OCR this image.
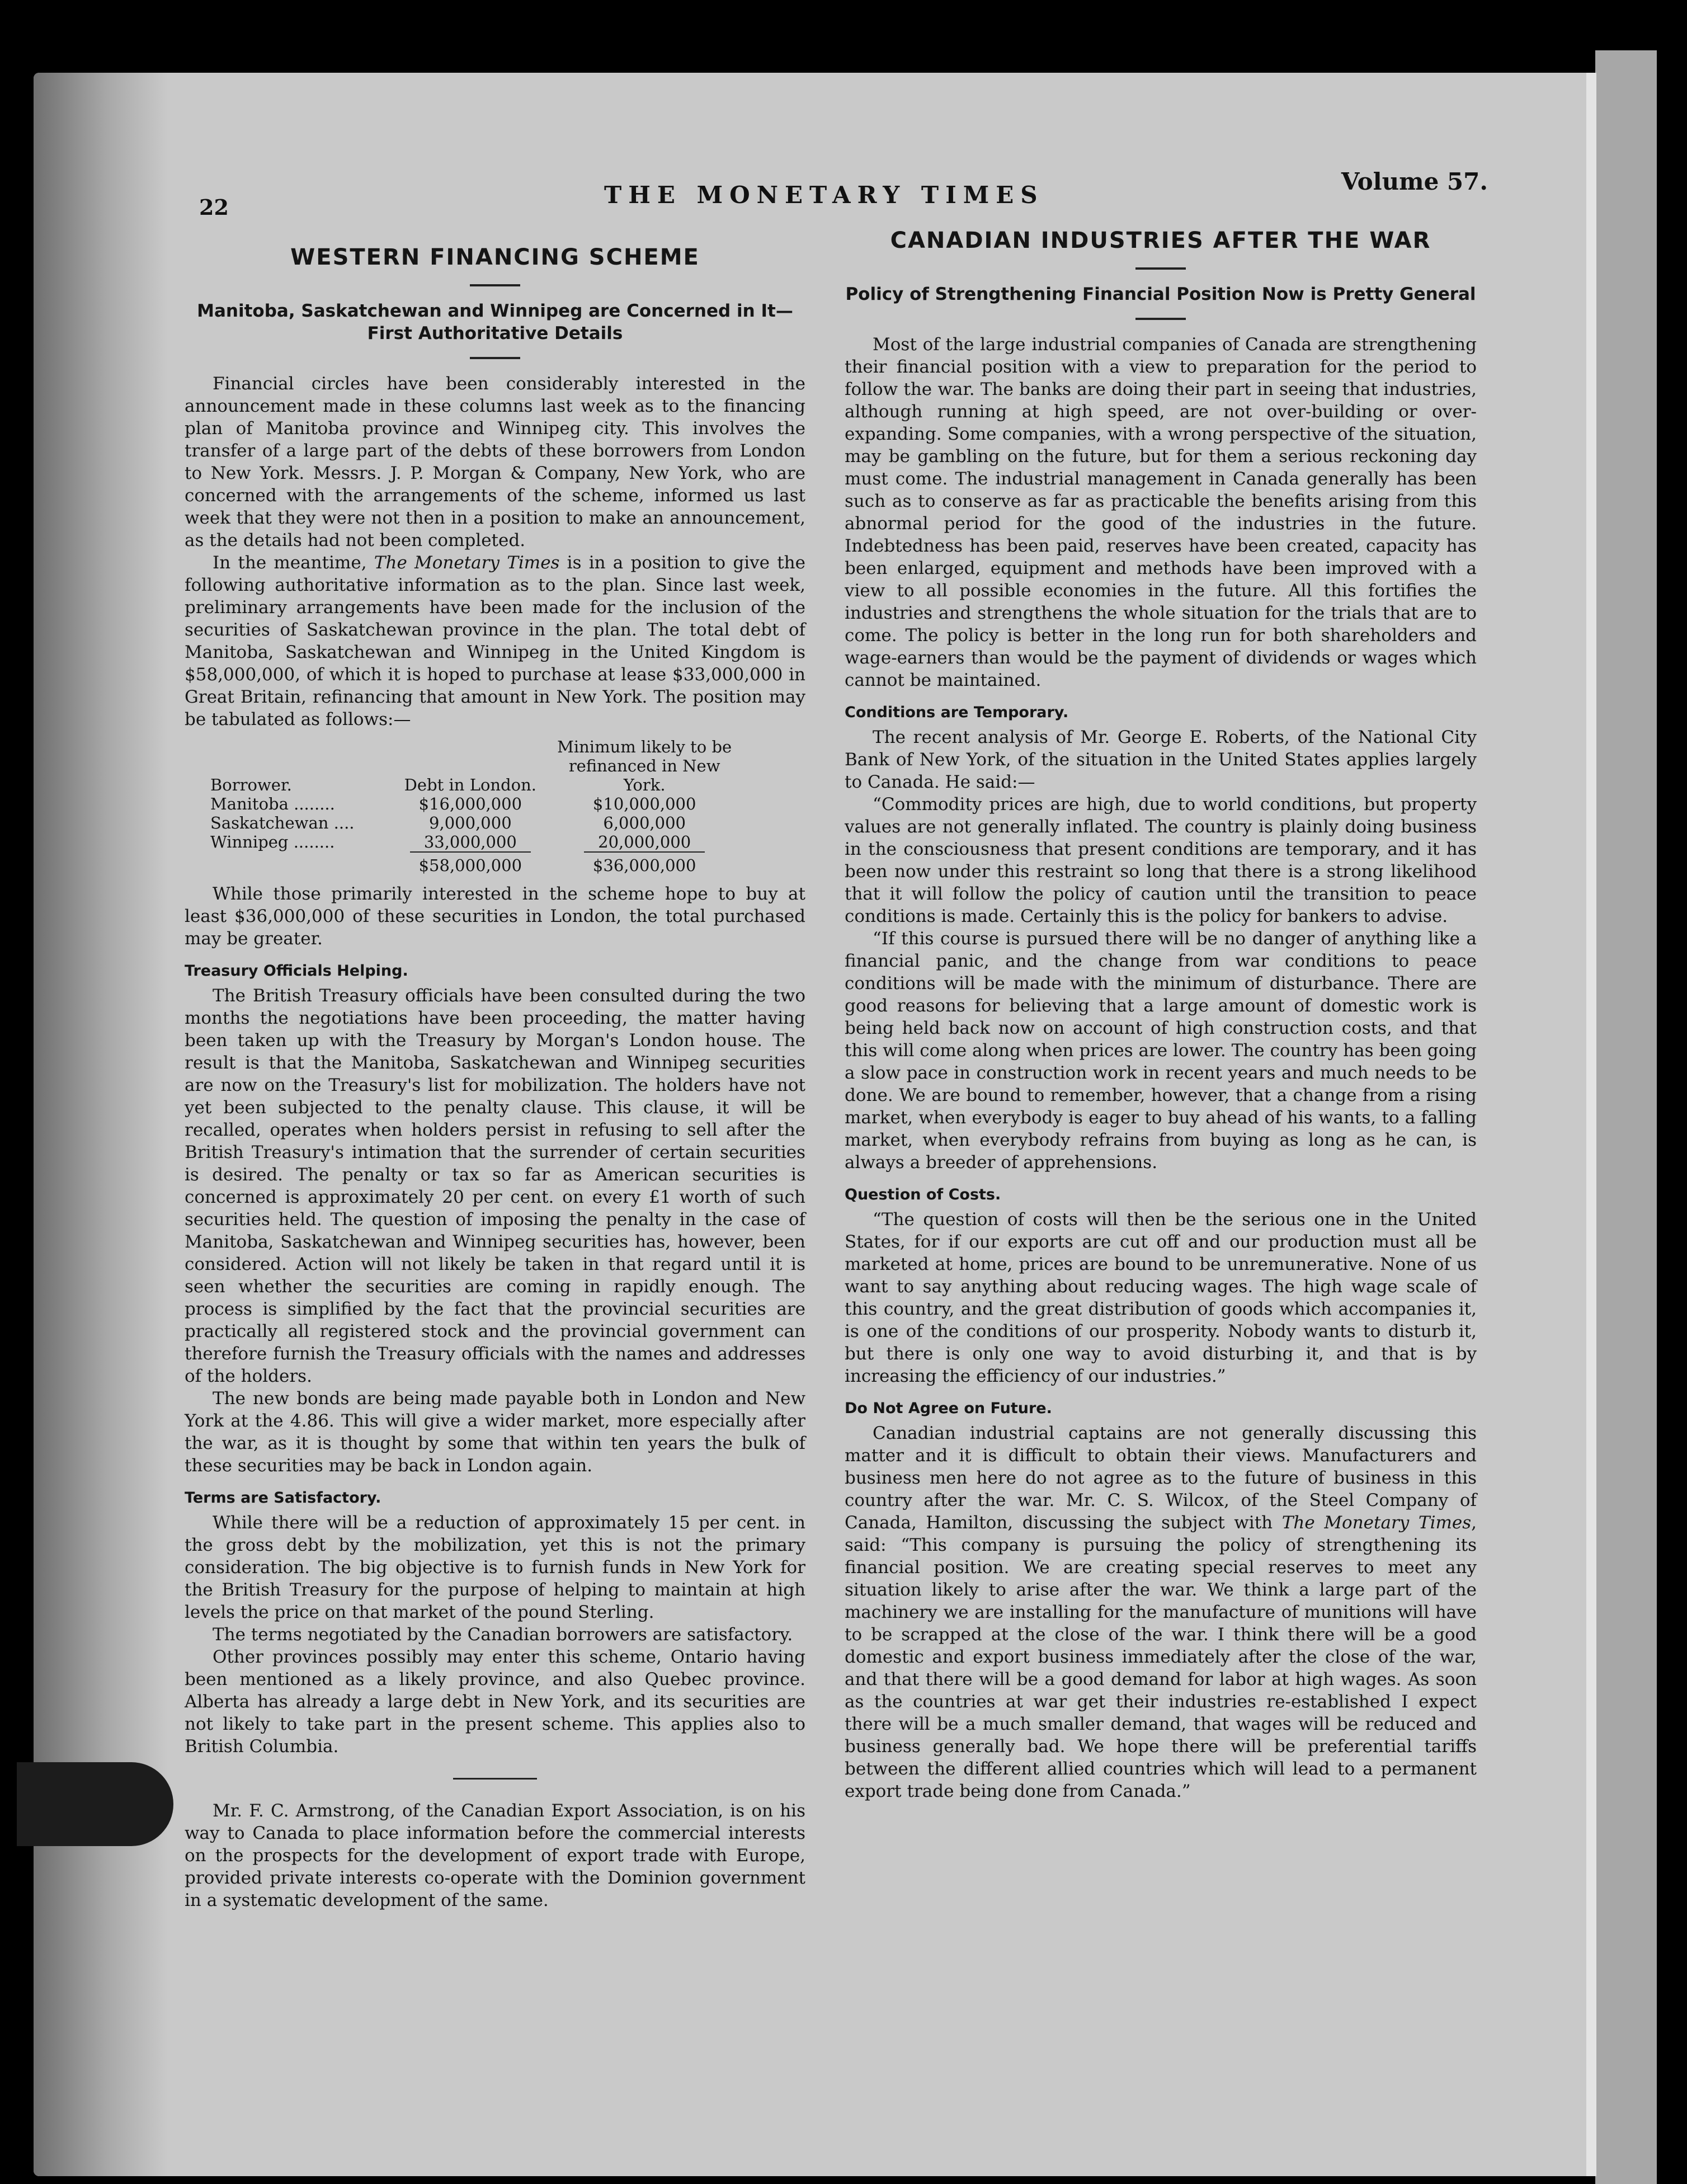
22	THE MONETARY TIMES	Volume 57.
WESTERN FINANCING SCHEME
Manitoba, Saskatchewan and Winnipeg are Concerned in It—First Authoritative Details

Financial circles have been considerably interested in the announcement made in these columns last week as to the financing plan of Manitoba province and Winnipeg city. This involves the transfer of a large part of the debts of these borrowers from London to New York. Messrs. J. P. Morgan & Company, New York, who are concerned with the arrangements of the scheme, informed us last week that they were not then in a position to make an announcement, as the details had not been completed.

In the meantime, The Monetary Times is in a position to give the following authoritative information as to the plan. Since last week, preliminary arrangements have been made for the inclusion of the securities of Saskatchewan province in the plan. The total debt of Manitoba, Saskatchewan and Winnipeg in the United Kingdom is $58,000,000, of which it is hoped to purchase at lease $33,000,000 in Great Britain, refinancing that amount in New York. The position may be tabulated as follows:—

Borrower.	Debt in London.	Minimum likely to be refinanced in New York.
Manitoba ........	$16,000,000	$10,000,000
Saskatchewan ....	9,000,000	6,000,000
Winnipeg ........	33,000,000	20,000,000
	$58,000,000	$36,000,000

While those primarily interested in the scheme hope to buy at least $36,000,000 of these securities in London, the total purchased may be greater.

Treasury Officials Helping.

The British Treasury officials have been consulted during the two months the negotiations have been proceeding, the matter having been taken up with the Treasury by Morgan's London house. The result is that the Manitoba, Saskatchewan and Winnipeg securities are now on the Treasury's list for mobilization. The holders have not yet been subjected to the penalty clause. This clause, it will be recalled, operates when holders persist in refusing to sell after the British Treasury's intimation that the surrender of certain securities is desired. The penalty or tax so far as American securities is concerned is approximately 20 per cent. on every £1 worth of such securities held. The question of imposing the penalty in the case of Manitoba, Saskatchewan and Winnipeg securities has, however, been considered. Action will not likely be taken in that regard until it is seen whether the securities are coming in rapidly enough. The process is simplified by the fact that the provincial securities are practically all registered stock and the provincial government can therefore furnish the Treasury officials with the names and addresses of the holders.

The new bonds are being made payable both in London and New York at the 4.86. This will give a wider market, more especially after the war, as it is thought by some that within ten years the bulk of these securities may be back in London again.

Terms are Satisfactory.

While there will be a reduction of approximately 15 per cent. in the gross debt by the mobilization, yet this is not the primary consideration. The big objective is to furnish funds in New York for the British Treasury for the purpose of helping to maintain at high levels the price on that market of the pound Sterling.

The terms negotiated by the Canadian borrowers are satisfactory.

Other provinces possibly may enter this scheme, Ontario having been mentioned as a likely province, and also Quebec province. Alberta has already a large debt in New York, and its securities are not likely to take part in the present scheme. This applies also to British Columbia.

Mr. F. C. Armstrong, of the Canadian Export Association, is on his way to Canada to place information before the commercial interests on the prospects for the development of export trade with Europe, provided private interests co-operate with the Dominion government in a systematic development of the same.

CANADIAN INDUSTRIES AFTER THE WAR
Policy of Strengthening Financial Position Now is Pretty General

Most of the large industrial companies of Canada are strengthening their financial position with a view to preparation for the period to follow the war. The banks are doing their part in seeing that industries, although running at high speed, are not over-building or over-expanding. Some companies, with a wrong perspective of the situation, may be gambling on the future, but for them a serious reckoning day must come. The industrial management in Canada generally has been such as to conserve as far as practicable the benefits arising from this abnormal period for the good of the industries in the future. Indebtedness has been paid, reserves have been created, capacity has been enlarged, equipment and methods have been improved with a view to all possible economies in the future. All this fortifies the industries and strengthens the whole situation for the trials that are to come. The policy is better in the long run for both shareholders and wage-earners than would be the payment of dividends or wages which cannot be maintained.

Conditions are Temporary.

The recent analysis of Mr. George E. Roberts, of the National City Bank of New York, of the situation in the United States applies largely to Canada. He said:—

“Commodity prices are high, due to world conditions, but property values are not generally inflated. The country is plainly doing business in the consciousness that present conditions are temporary, and it has been now under this restraint so long that there is a strong likelihood that it will follow the policy of caution until the transition to peace conditions is made. Certainly this is the policy for bankers to advise.

“If this course is pursued there will be no danger of anything like a financial panic, and the change from war conditions to peace conditions will be made with the minimum of disturbance. There are good reasons for believing that a large amount of domestic work is being held back now on account of high construction costs, and that this will come along when prices are lower. The country has been going a slow pace in construction work in recent years and much needs to be done. We are bound to remember, however, that a change from a rising market, when everybody is eager to buy ahead of his wants, to a falling market, when everybody refrains from buying as long as he can, is always a breeder of apprehensions.

Question of Costs.

“The question of costs will then be the serious one in the United States, for if our exports are cut off and our production must all be marketed at home, prices are bound to be unremunerative. None of us want to say anything about reducing wages. The high wage scale of this country, and the great distribution of goods which accompanies it, is one of the conditions of our prosperity. Nobody wants to disturb it, but there is only one way to avoid disturbing it, and that is by increasing the efficiency of our industries.”

Do Not Agree on Future.

Canadian industrial captains are not generally discussing this matter and it is difficult to obtain their views. Manufacturers and business men here do not agree as to the future of business in this country after the war. Mr. C. S. Wilcox, of the Steel Company of Canada, Hamilton, discussing the subject with The Monetary Times, said: “This company is pursuing the policy of strengthening its financial position. We are creating special reserves to meet any situation likely to arise after the war. We think a large part of the machinery we are installing for the manufacture of munitions will have to be scrapped at the close of the war. I think there will be a good domestic and export business immediately after the close of the war, and that there will be a good demand for labor at high wages. As soon as the countries at war get their industries re-established I expect there will be a much smaller demand, that wages will be reduced and business generally bad. We hope there will be preferential tariffs between the different allied countries which will lead to a permanent export trade being done from Canada.”
